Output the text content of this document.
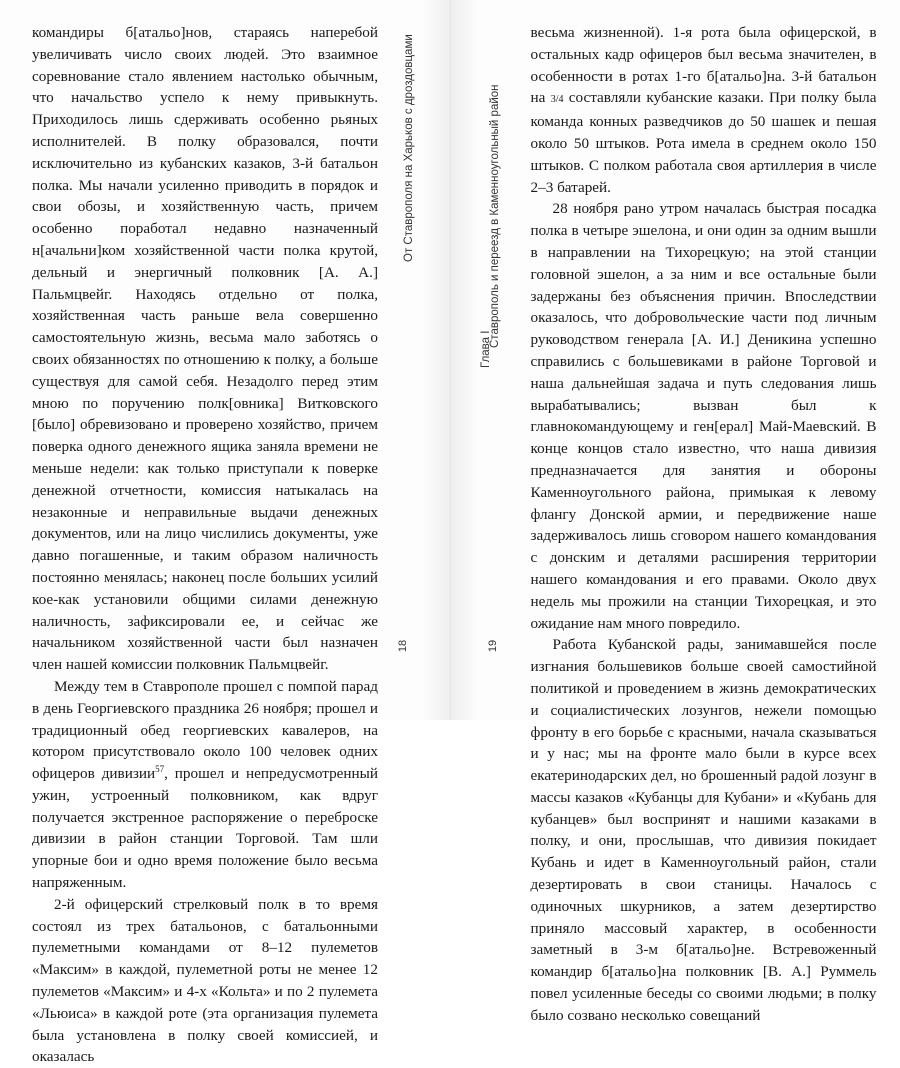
командиры б[атальо]нов, стараясь наперебой увеличивать число своих людей. Это взаимное соревнование стало явлением настолько обычным, что начальство успело к нему привыкнуть. Приходилось лишь сдерживать особенно рьяных исполнителей. В полку образовался, почти исключительно из кубанских казаков, 3-й батальон полка. Мы начали усиленно приводить в порядок и свои обозы, и хозяйственную часть, причем особенно поработал недавно назначенный н[ачальни]ком хозяйственной части полка крутой, дельный и энергичный полковник [А. А.] Пальмцвейг. Находясь отдельно от полка, хозяйственная часть раньше вела совершенно самостоятельную жизнь, весьма мало заботясь о своих обязанностях по отношению к полку, а больше существуя для самой себя. Незадолго перед этим мною по поручению полк[овника] Витковского [было] обревизовано и проверено хозяйство, причем поверка одного денежного ящика заняла времени не меньше недели: как только приступали к поверке денежной отчетности, комиссия натыкалась на незаконные и неправильные выдачи денежных документов, или на лицо числились документы, уже давно погашенные, и таким образом наличность постоянно менялась; наконец после больших усилий кое-как установили общими силами денежную наличность, зафиксировали ее, и сейчас же начальником хозяйственной части был назначен член нашей комиссии полковник Пальмцвейг.

Между тем в Ставрополе прошел с помпой парад в день Георгиевского праздника 26 ноября; прошел и традиционный обед георгиевских кавалеров, на котором присутствовало около 100 человек одних офицеров дивизии$^{57}$, прошел и непредусмотренный ужин, устроенный полковником, как вдруг получается экстренное распоряжение о переброске дивизии в район станции Торговой. Там шли упорные бои и одно время положение было весьма напряженным.

2-й офицерский стрелковый полк в то время состоял из трех батальонов, с батальонными пулеметными командами от 8–12 пулеметов «Максим» в каждой, пулеметной роты не менее 12 пулеметов «Максим» и 4-х «Кольта» и по 2 пулемета «Льюиса» в каждой роте (эта организация пулемета была установлена в полку своей комиссией, и оказалась

От Ставрополя на Харьков с дроздовцами
18
Ставрополь и переезд в Каменноугольный район
19

весьма жизненной). 1-я рота была офицерской, в остальных кадр офицеров был весьма значителен, в особенности в ротах 1-го б[атальо]на. 3-й батальон на 3/4 составляли кубанские казаки. При полку была команда конных разведчиков до 50 шашек и пешая около 50 штыков. Рота имела в среднем около 150 штыков. С полком работала своя артиллерия в числе 2–3 батарей.

28 ноября рано утром началась быстрая посадка полка в четыре эшелона, и они один за одним вышли в направлении на Тихорецкую; на этой станции головной эшелон, а за ним и все остальные были задержаны без объяснения причин. Впоследствии оказалось, что добровольческие части под личным руководством генерала [А. И.] Деникина успешно справились с большевиками в районе Торговой и наша дальнейшая задача и путь следования лишь вырабатывались; вызван был к главнокомандующему и ген[ерал] Май-Маевский. В конце концов стало известно, что наша дивизия предназначается для занятия и обороны Каменноугольного района, примыкая к левому флангу Донской армии, и передвижение наше задерживалось лишь сговором нашего командования с донским и деталями расширения территории нашего командования и его правами. Около двух недель мы прожили на станции Тихорецкая, и это ожидание нам много повредило.

Работа Кубанской рады, занимавшейся после изгнания большевиков больше своей самостийной политикой и проведением в жизнь демократических и социалистических лозунгов, нежели помощью фронту в его борьбе с красными, начала сказываться и у нас; мы на фронте мало были в курсе всех екатеринодарских дел, но брошенный радой лозунг в массы казаков «Кубанцы для Кубани» и «Кубань для кубанцев» был воспринят и нашими казаками в полку, и они, прослышав, что дивизия покидает Кубань и идет в Каменноугольный район, стали дезертировать в свои станицы. Началось с одиночных шкурников, а затем дезертирство приняло массовый характер, в особенности заметный в 3-м б[атальо]не. Встревоженный командир б[атальо]на полковник [В. А.] Руммель повел усиленные беседы со своими людьми; в полку было созвано несколько совещаний

Глава I
